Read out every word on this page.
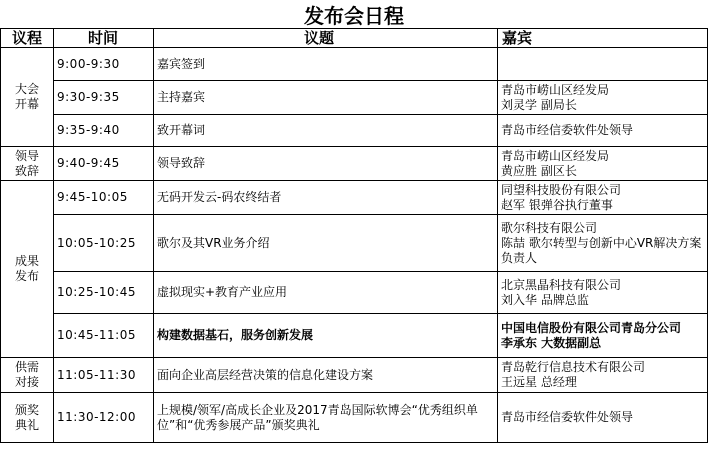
发布会日程
议程	时间	议题	嘉宾

大会
开幕	9:00-9:30	嘉宾签到	
	9:30-9:35	主持嘉宾	青岛市崂山区经发局
刘灵学 副局长

	9:35-9:40	致开幕词	青岛市经信委软件处领导

领导
致辞	9:40-9:45	领导致辞	青岛市崂山区经发局
黄应胜 副区长

成果
发布	9:45-10:05	无码开发云-码农终结者	同望科技股份有限公司
赵军 银弹谷执行董事

	10:05-10:25	歌尔及其VR业务介绍	歌尔科技有限公司
陈喆 歌尔转型与创新中心VR解决方案负责人

	10:25-10:45	虚拟现实+教育产业应用	北京黑晶科技有限公司
刘入华 品牌总监

	10:45-11:05	构建数据基石，服务创新发展	中国电信股份有限公司青岛分公司
李承东 大数据副总

供需
对接	11:05-11:30	面向企业高层经营决策的信息化建设方案	青岛乾行信息技术有限公司
王远星 总经理

颁奖
典礼	11:30-12:00	上规模/领军/高成长企业及2017青岛国际软博会“优秀组织单位”和“优秀参展产品”颁奖典礼	青岛市经信委软件处领导
